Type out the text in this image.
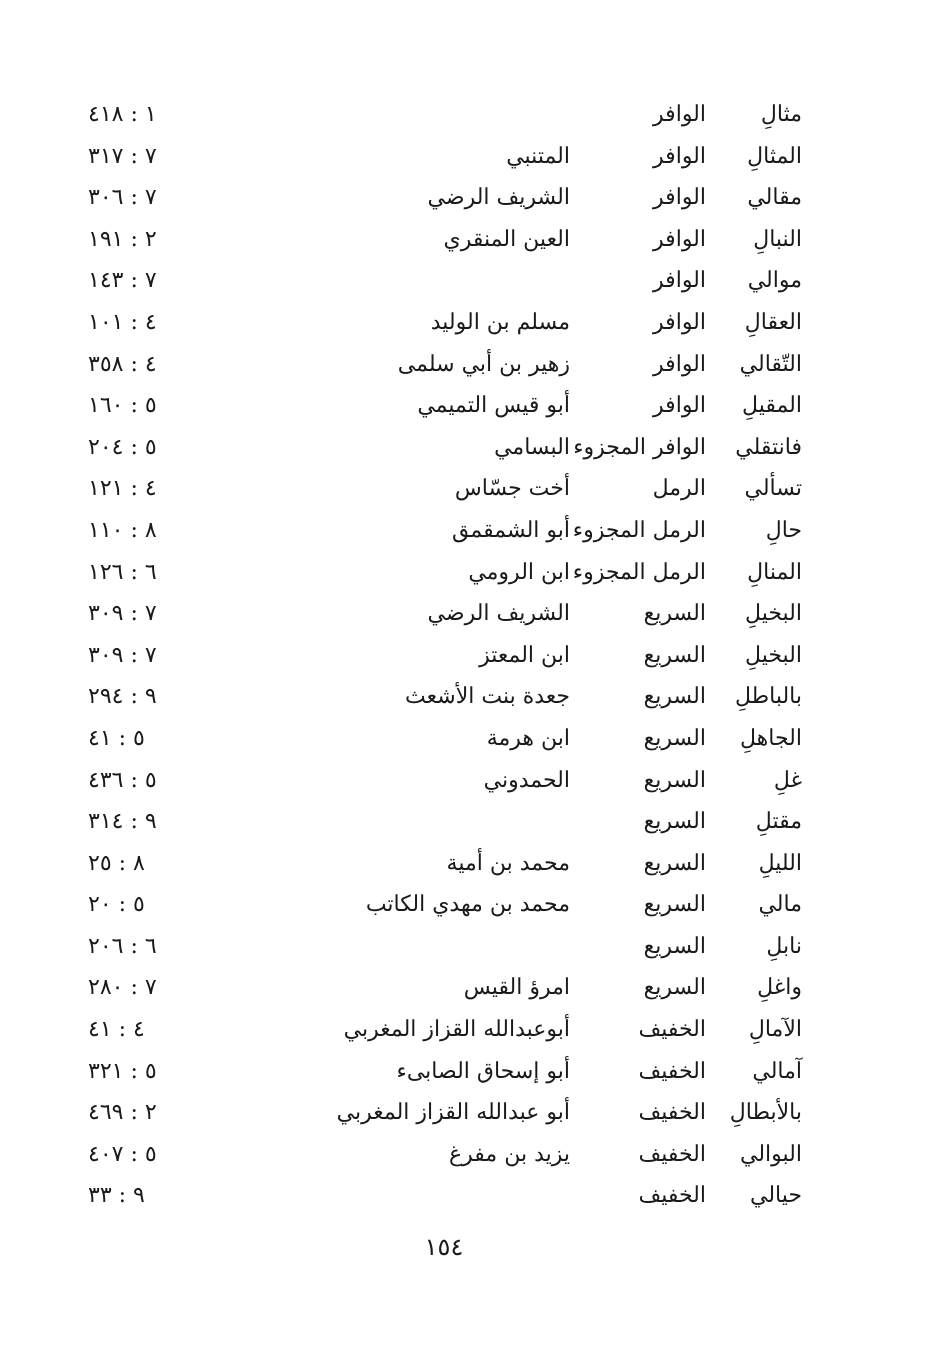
مثالِ
الوافر
١ : ٤١٨
المثالِ
الوافر
المتنبي
٧ : ٣١٧
مقالي
الوافر
الشريف الرضي
٧ : ٣٠٦
النبالِ
الوافر
العين المنقري
٢ : ١٩١
موالي
الوافر
٧ : ١٤٣
العقالِ
الوافر
مسلم بن الوليد
٤ : ١٠١
التّقالي
الوافر
زهير بن أبي سلمى
٤ : ٣٥٨
المقيلِ
الوافر
أبو قيس التميمي
٥ : ١٦٠
فانتقلي
الوافر المجزوء
البسامي
٥ : ٢٠٤
تسألي
الرمل
أخت جسّاس
٤ : ١٢١
حالِ
الرمل المجزوء
أبو الشمقمق
٨ : ١١٠
المنالِ
الرمل المجزوء
ابن الرومي
٦ : ١٢٦
البخيلِ
السريع
الشريف الرضي
٧ : ٣٠٩
البخيلِ
السريع
ابن المعتز
٧ : ٣٠٩
بالباطلِ
السريع
جعدة بنت الأشعث
٩ : ٢٩٤
الجاهلِ
السريع
ابن هرمة
٥ : ٤١
غلِ
السريع
الحمدوني
٥ : ٤٣٦
مقتلِ
السريع
٩ : ٣١٤
الليلِ
السريع
محمد بن أمية
٨ : ٢٥
مالي
السريع
محمد بن مهدي الكاتب
٥ : ٢٠
نابلِ
السريع
٦ : ٢٠٦
واغلِ
السريع
امرؤ القيس
٧ : ٢٨٠
الآمالِ
الخفيف
أبوعبدالله القزاز المغربي
٤ : ٤١
آمالي
الخفيف
أبو إسحاق الصابىء
٥ : ٣٢١
بالأبطالِ
الخفيف
أبو عبدالله القزاز المغربي
٢ : ٤٦٩
البوالي
الخفيف
يزيد بن مفرغ
٥ : ٤٠٧
حيالي
الخفيف
٩ : ٣٣
١٥٤
